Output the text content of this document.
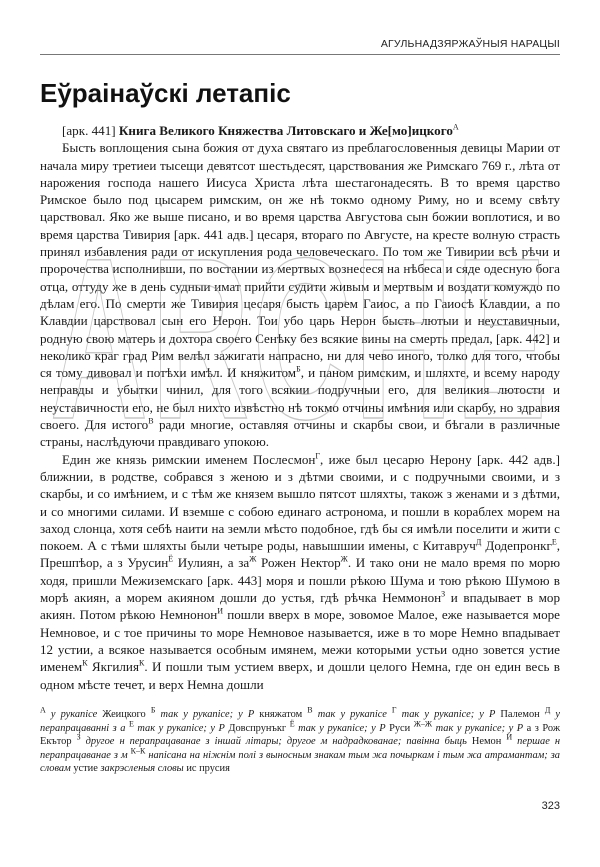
АГУЛЬНАДЗЯРЖАЎНЫЯ НАРАЦЫІ
Еўраінаўскі летапіс

[арк. 441] Книга Великого Княжества Литовскаго и Же[мо]ицкого$^А$

Бысть воплощения сына божия от духа святаго из преблагословенныя девицы Марии от начала миру третиеи тысещи девятсот шестьдесят, царствования же Римскаго 769 г., лѣта от нарожения господа нашего Иисуса Христа лѣта шестагонадесять. В то время царство Римское было под цысарем римским, он же нѣ токмо одному Риму, но и всему свѣту царствовал. Яко же выше писано, и во время царства Августова сын божии воплотися, и во время царства Тивирия [арк. 441 адв.] цесаря, втораго по Августе, на кресте волную страсть принял избавления ради от искупления рода человеческаго. По том же Тивирии всѣ рѣчи и пророчества исполнивши, по востании из мертвых вознесеся на нѣбеса и сяде одесную бога отца, оттуду же в день судныи имат прийти судити живым и мертвым и воздати комуждо по дѣлам его. По смерти же Тивирия цесаря бысть царем Гаиос, а по Гаиосѣ Клавдии, а по Клавдии царствовал сын его Нерон. Тои убо царь Нерон бысть лютыи и неуставичныи, родную свою матерь и дохтора своего Сенѣку без всякие вины на смерть предал, [арк. 442] и неколико краг град Рим велѣл зажигати напрасно, ни для чево иного, толко для того, чтобы ся тому дивовал и потѣхи имѣл. И княжитом$^Б$, и паном римским, и шляхте, и всему народу неправды и убытки чинил, для того всякии подручныи его, для великия лютости и неуставичности его, не был нихто извѣстно нѣ токмо отчины имѣния или скарбу, но здравия своего. Для истого$^В$ ради многие, оставляя отчины и скарбы свои, и бѣгали в различные страны, наслѣдуючи правдиваго упокою.

Един же князь римскии именем Послесмон$^Г$, иже был цесарю Нерону [арк. 442 адв.] ближнии, в родстве, собрався з женою и з дѣтми своими, и с подручными своими, и з скарбы, и со имѣнием, и с тѣм же князем вышло пятсот шляхты, також з женами и з дѣтми, и со многими силами. И вземше с собою единаго астронома, и пошли в кораблех морем на заход слонца, хотя себѣ наити на земли мѣсто подобное, гдѣ бы ся имѣли поселити и жити с покоем. А с тѣми шляхты были четыре роды, навышшии имены, с Китавруч$^Д$ Додепронкг$^Е$, Прешпѣор, а з Урусин$^Ё$ Иулиян, а $за^Ж$ Рожен Нектор$^Ж$. И тако они не мало время по морю ходя, пришли Межиземскаго [арк. 443] моря и пошли рѣкою Шума и тою рѣкою Шумою в морѣ акиян, а морем акияном дошли до устья, гдѣ рѣчка Неммонон$^З$ и впадывает в мор акиян. Потом рѣкою Немнонон$^И$ пошли вверх в море, зовомое Малое, еже называется море Немновое, и с тое причины то море Немновое называется, иже в то море Немно впадывает 12 устии, а всякое называется особным имянем, межи которыми устьи одно зовется устие именем$^К$ Якгилия$^К$. И пошли тым устием вверх, и дошли целого Немна, где он един весь в одном мѣсте течет, и верх Немна дошли

ARCHE
$^А$ у рукапісе Жеицкого $^Б$ так у рукапісе; у Р княжатом $^В$ так у рукапісе $^Г$ так у рукапісе; у Р Палемон $^Д$ у перапрацаванні з а $^Е$ так у рукапісе; у Р Довспрунъкг $^Ё$ так у рукапісе; у Р Руси $^{Ж-Ж}$ так у рукапісе; у Р а з Рож Екътор $^З$ другое н перапрацаванае з іншай літары; другое м надрадкованае; павінна быць Немон $^И$ першае н перапрацаванае з м $^{К-К}$ напісана на ніжнім полі з выносным знакам тым жа почыркам і тым жа атрамантам; за словам устие закрэсленыя словы ис прусия
323
